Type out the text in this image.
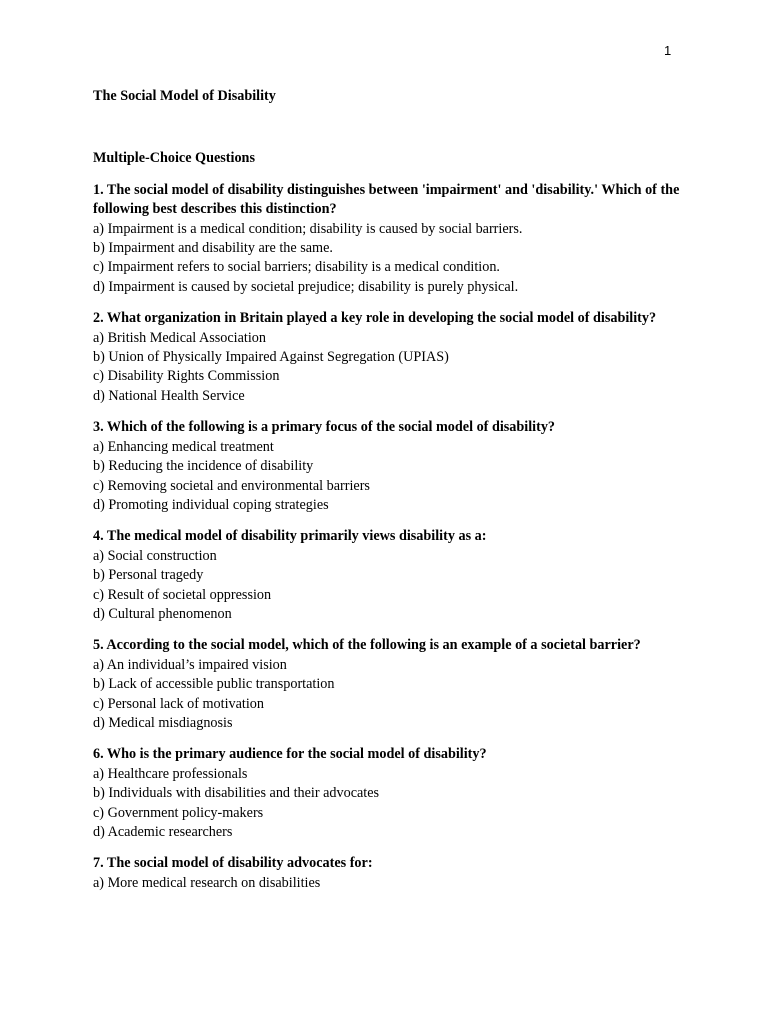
1
The Social Model of Disability
Multiple-Choice Questions
1. The social model of disability distinguishes between 'impairment' and 'disability.' Which of the following best describes this distinction?
a) Impairment is a medical condition; disability is caused by social barriers.
b) Impairment and disability are the same.
c) Impairment refers to social barriers; disability is a medical condition.
d) Impairment is caused by societal prejudice; disability is purely physical.
2. What organization in Britain played a key role in developing the social model of disability?
a) British Medical Association
b) Union of Physically Impaired Against Segregation (UPIAS)
c) Disability Rights Commission
d) National Health Service
3. Which of the following is a primary focus of the social model of disability?
a) Enhancing medical treatment
b) Reducing the incidence of disability
c) Removing societal and environmental barriers
d) Promoting individual coping strategies
4. The medical model of disability primarily views disability as a:
a) Social construction
b) Personal tragedy
c) Result of societal oppression
d) Cultural phenomenon
5. According to the social model, which of the following is an example of a societal barrier?
a) An individual’s impaired vision
b) Lack of accessible public transportation
c) Personal lack of motivation
d) Medical misdiagnosis
6. Who is the primary audience for the social model of disability?
a) Healthcare professionals
b) Individuals with disabilities and their advocates
c) Government policy-makers
d) Academic researchers
7. The social model of disability advocates for:
a) More medical research on disabilities
